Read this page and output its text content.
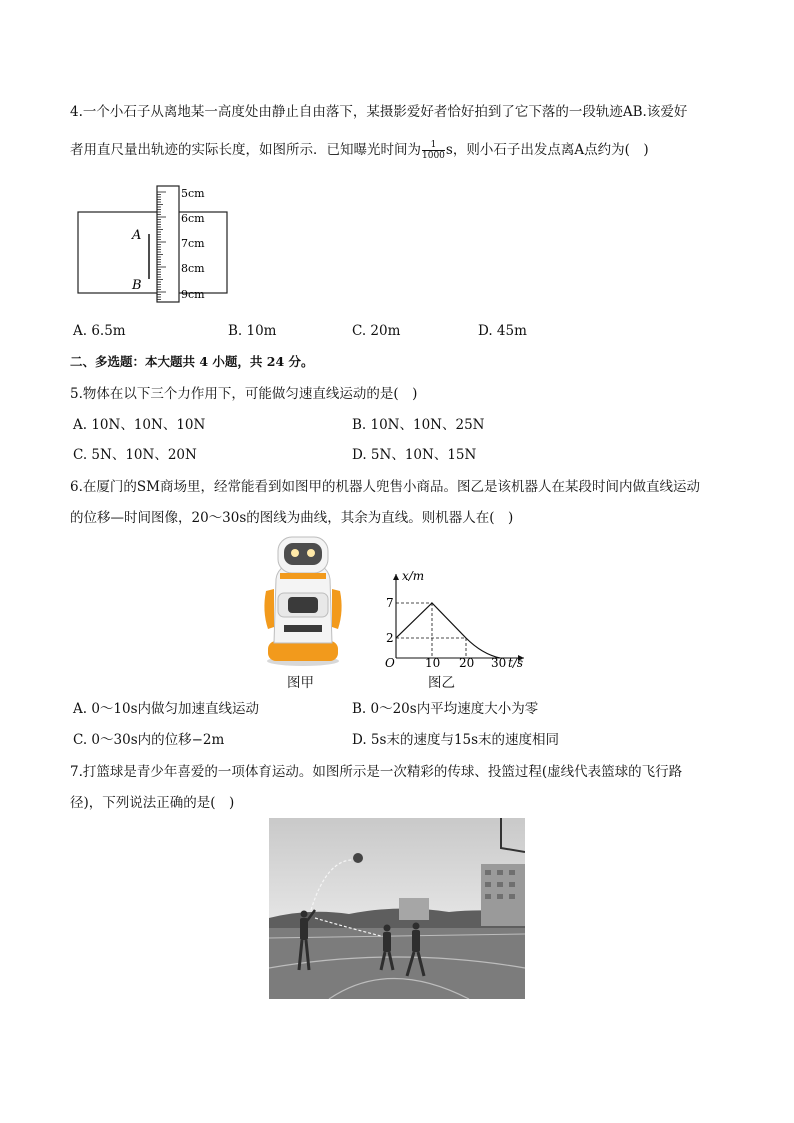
4.一个小石子从离地某一高度处由静止自由落下，某摄影爱好者恰好拍到了它下落的一段轨迹AB.该爱好
者用直尺量出轨迹的实际长度，如图所示．已知曝光时间为 $\frac{1}{1000}$ s，则小石子出发点离A点约为(　)
A
B
5cm
6cm
7cm
8cm
9cm
A. 6.5m	B. 10m	C. 20m	D. 45m
二、多选题：本大题共 4 小题，共 24 分。
5.物体在以下三个力作用下，可能做匀速直线运动的是(　)
A. 10N、10N、10N	B. 10N、10N、25N
C. 5N、10N、20N	D. 5N、10N、15N
6.在厦门的SM商场里，经常能看到如图甲的机器人兜售小商品。图乙是该机器人在某段时间内做直线运动
的位移—时间图像，20～30s的图线为曲线，其余为直线。则机器人在(　)
x/m
t/s
O
7
2
10 20 30
图甲	图乙
A. 0～10s内做匀加速直线运动	B. 0～20s内平均速度大小为零
C. 0～30s内的位移−2m	D. 5s末的速度与15s末的速度相同
7.打篮球是青少年喜爱的一项体育运动。如图所示是一次精彩的传球、投篮过程(虚线代表篮球的飞行路
径)，下列说法正确的是(　)
